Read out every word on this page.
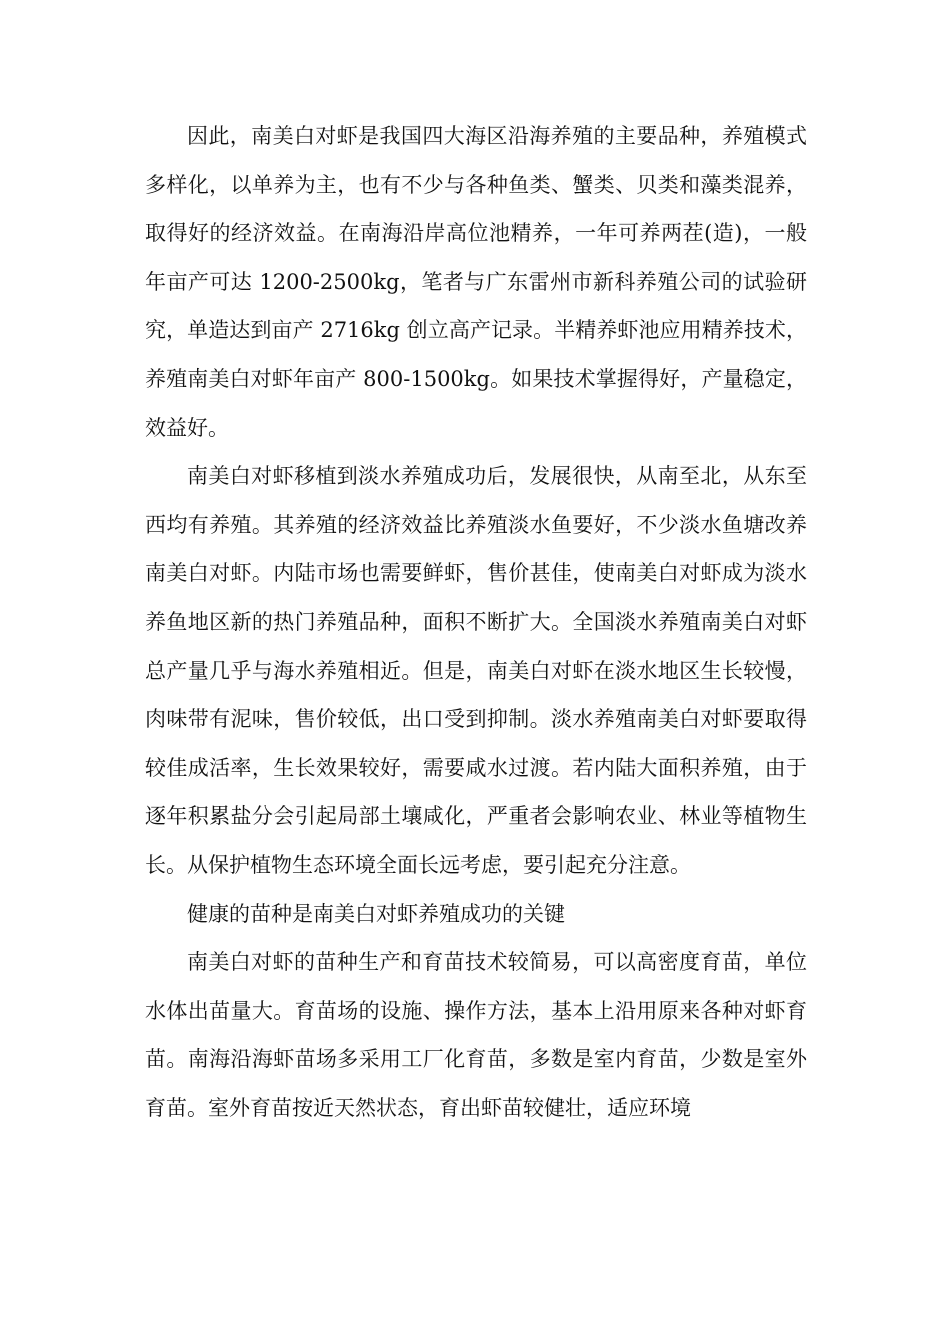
因此，南美白对虾是我国四大海区沿海养殖的主要品种，养殖模式多样化，以单养为主，也有不少与各种鱼类、蟹类、贝类和藻类混养，取得好的经济效益。在南海沿岸高位池精养，一年可养两茬(造)，一般年亩产可达 1200-2500kg，笔者与广东雷州市新科养殖公司的试验研究，单造达到亩产 2716kg 创立高产记录。半精养虾池应用精养技术，养殖南美白对虾年亩产 800-1500kg。如果技术掌握得好，产量稳定，效益好。

南美白对虾移植到淡水养殖成功后，发展很快，从南至北，从东至西均有养殖。其养殖的经济效益比养殖淡水鱼要好，不少淡水鱼塘改养南美白对虾。内陆市场也需要鲜虾，售价甚佳，使南美白对虾成为淡水养鱼地区新的热门养殖品种，面积不断扩大。全国淡水养殖南美白对虾总产量几乎与海水养殖相近。但是，南美白对虾在淡水地区生长较慢，肉味带有泥味，售价较低，出口受到抑制。淡水养殖南美白对虾要取得较佳成活率，生长效果较好，需要咸水过渡。若内陆大面积养殖，由于逐年积累盐分会引起局部土壤咸化，严重者会影响农业、林业等植物生长。从保护植物生态环境全面长远考虑，要引起充分注意。

健康的苗种是南美白对虾养殖成功的关键

南美白对虾的苗种生产和育苗技术较简易，可以高密度育苗，单位水体出苗量大。育苗场的设施、操作方法，基本上沿用原来各种对虾育苗。南海沿海虾苗场多采用工厂化育苗，多数是室内育苗，少数是室外育苗。室外育苗按近天然状态，育出虾苗较健壮，适应环境
